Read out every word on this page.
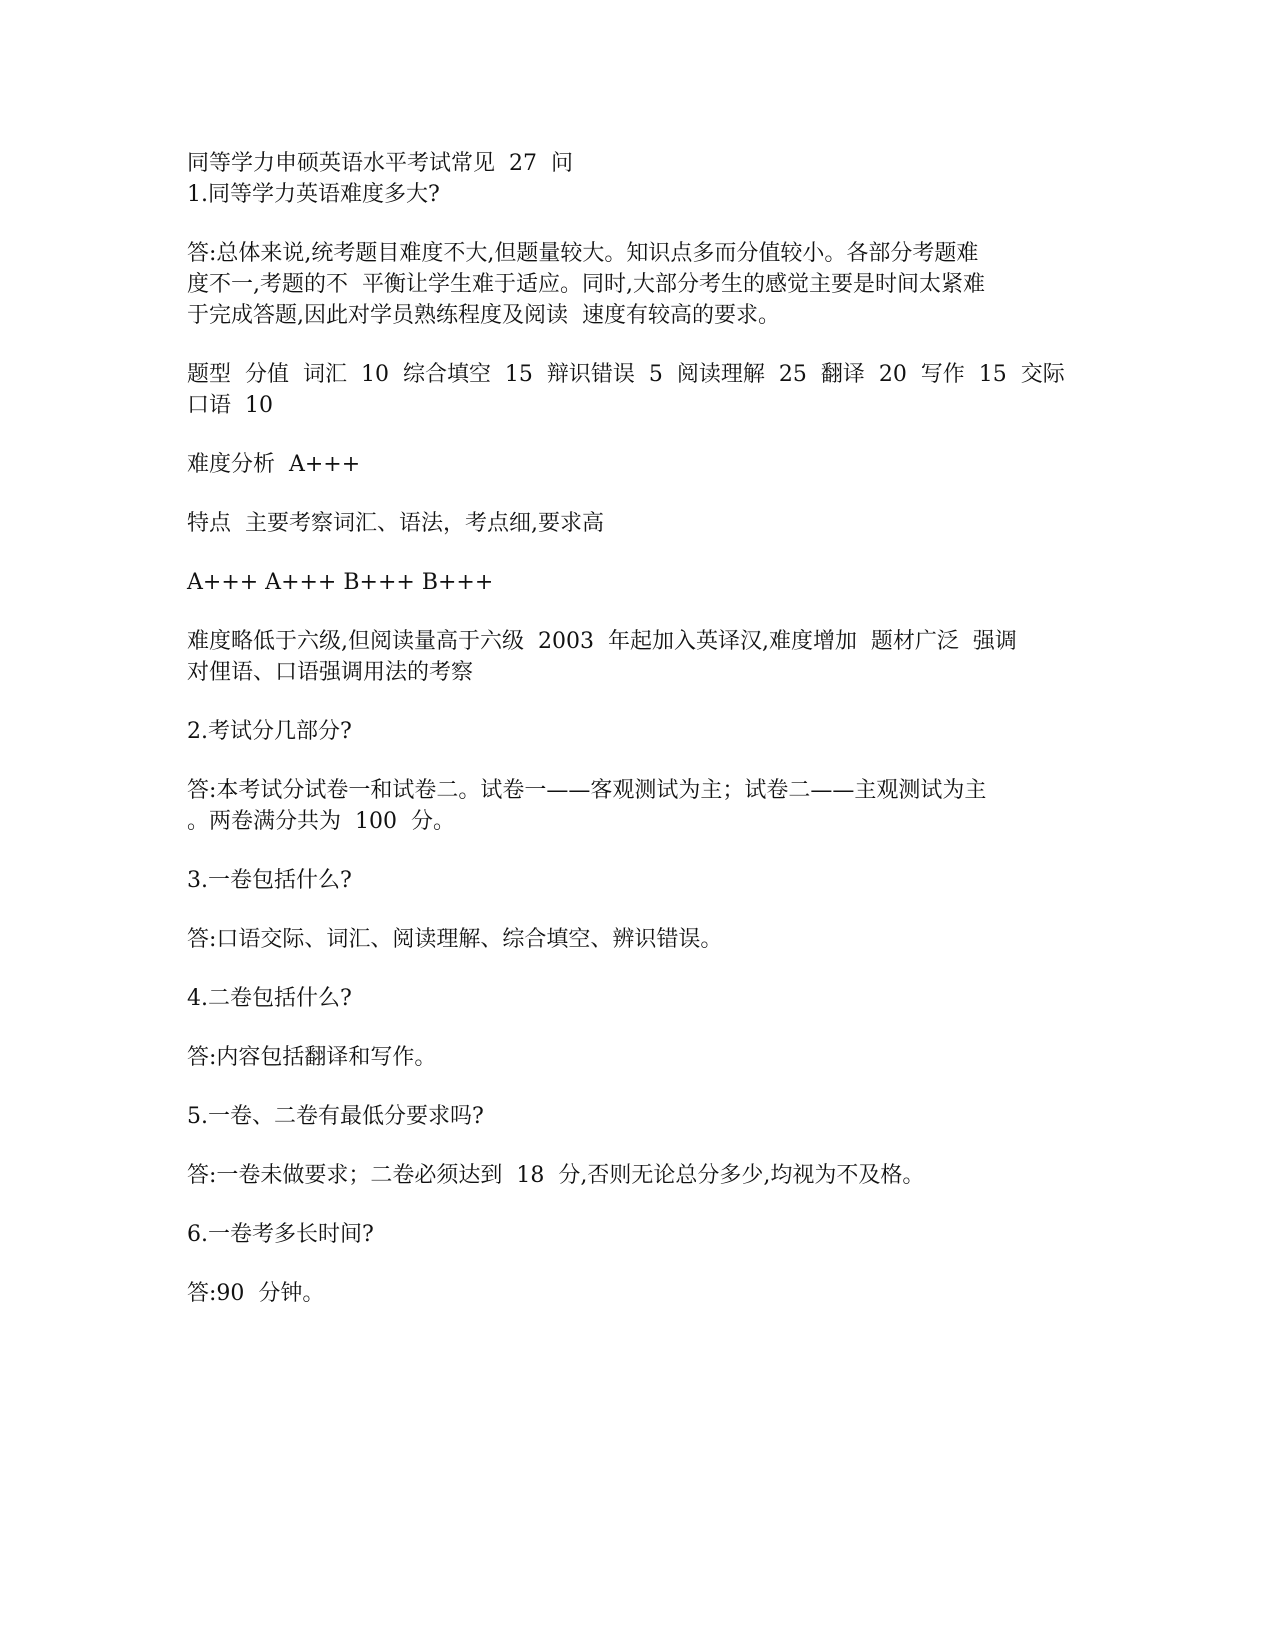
同等学力申硕英语水平考试常见  27  问
1.同等学力英语难度多大?
答:总体来说,统考题目难度不大,但题量较大。知识点多而分值较小。各部分考题难
度不一,考题的不  平衡让学生难于适应。同时,大部分考生的感觉主要是时间太紧难
于完成答题,因此对学员熟练程度及阅读  速度有较高的要求。
题型  分值  词汇  10  综合填空  15  辩识错误  5  阅读理解  25  翻译  20  写作  15  交际
口语  10
难度分析  A+++
特点  主要考察词汇、语法，考点细,要求高
A+++ A+++ B+++ B+++
难度略低于六级,但阅读量高于六级  2003  年起加入英译汉,难度增加  题材广泛  强调
对俚语、口语强调用法的考察
2.考试分几部分?
答:本考试分试卷一和试卷二。试卷一——客观测试为主；试卷二——主观测试为主
。两卷满分共为  100  分。
3.一卷包括什么?
答:口语交际、词汇、阅读理解、综合填空、辨识错误。
4.二卷包括什么?
答:内容包括翻译和写作。
5.一卷、二卷有最低分要求吗?
答:一卷未做要求；二卷必须达到  18  分,否则无论总分多少,均视为不及格。
6.一卷考多长时间?
答:90  分钟。
